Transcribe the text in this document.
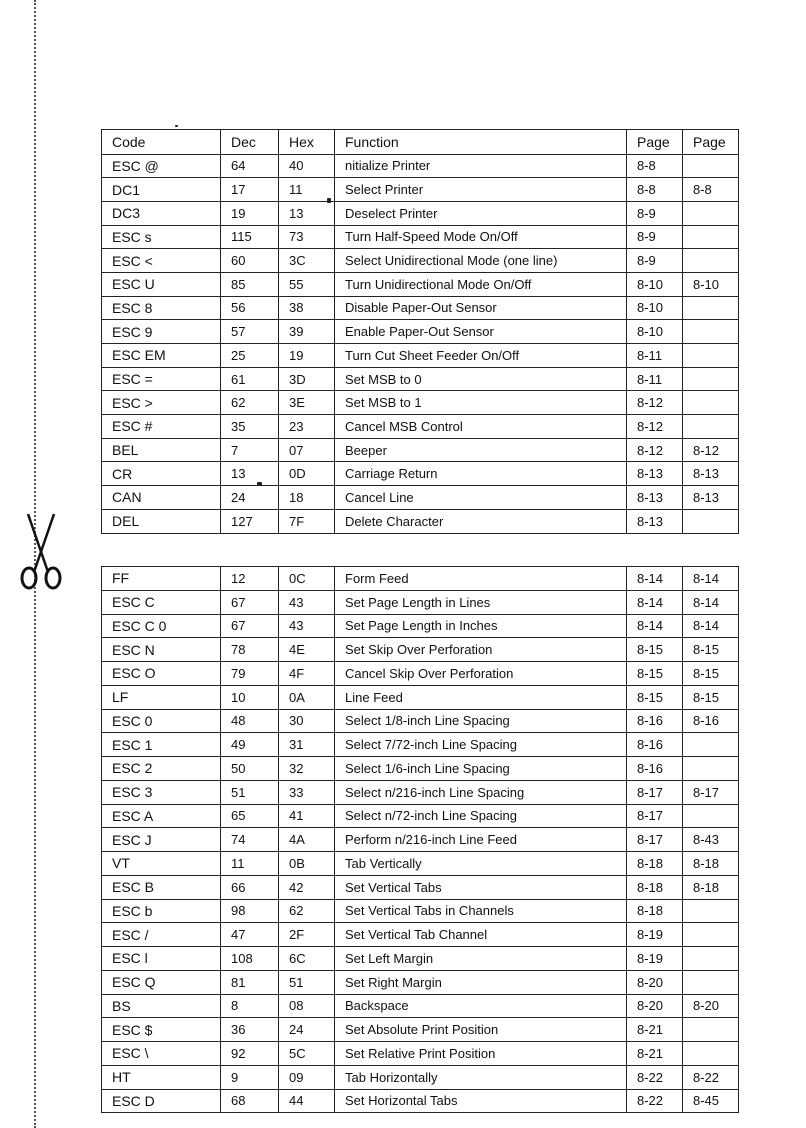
Code	Dec	Hex	Function	Page	Page
ESC @	64	40	nitialize Printer	8-8	
DC1	17	11	Select Printer	8-8	8-8
DC3	19	13	Deselect Printer	8-9	
ESC s	115	73	Turn Half-Speed Mode On/Off	8-9	
ESC <	60	3C	Select Unidirectional Mode (one line)	8-9	
ESC U	85	55	Turn Unidirectional Mode On/Off	8-10	8-10
ESC 8	56	38	Disable Paper-Out Sensor	8-10	
ESC 9	57	39	Enable Paper-Out Sensor	8-10	
ESC EM	25	19	Turn Cut Sheet Feeder On/Off	8-11	
ESC =	61	3D	Set MSB to 0	8-11	
ESC >	62	3E	Set MSB to 1	8-12	
ESC #	35	23	Cancel MSB Control	8-12	
BEL	7	07	Beeper	8-12	8-12
CR	13	0D	Carriage Return	8-13	8-13
CAN	24	18	Cancel Line	8-13	8-13
DEL	127	7F	Delete Character	8-13	
FF	12	0C	Form Feed	8-14	8-14
ESC C	67	43	Set Page Length in Lines	8-14	8-14
ESC C 0	67	43	Set Page Length in Inches	8-14	8-14
ESC N	78	4E	Set Skip Over Perforation	8-15	8-15
ESC O	79	4F	Cancel Skip Over Perforation	8-15	8-15
LF	10	0A	Line Feed	8-15	8-15
ESC 0	48	30	Select 1/8-inch Line Spacing	8-16	8-16
ESC 1	49	31	Select 7/72-inch Line Spacing	8-16	
ESC 2	50	32	Select 1/6-inch Line Spacing	8-16	
ESC 3	51	33	Select n/216-inch Line Spacing	8-17	8-17
ESC A	65	41	Select n/72-inch Line Spacing	8-17	
ESC J	74	4A	Perform n/216-inch Line Feed	8-17	8-43
VT	11	0B	Tab Vertically	8-18	8-18
ESC B	66	42	Set Vertical Tabs	8-18	8-18
ESC b	98	62	Set Vertical Tabs in Channels	8-18	
ESC /	47	2F	Set Vertical Tab Channel	8-19	
ESC l	108	6C	Set Left Margin	8-19	
ESC Q	81	51	Set Right Margin	8-20	
BS	8	08	Backspace	8-20	8-20
ESC $	36	24	Set Absolute Print Position	8-21	
ESC \	92	5C	Set Relative Print Position	8-21	
HT	9	09	Tab Horizontally	8-22	8-22
ESC D	68	44	Set Horizontal Tabs	8-22	8-45
